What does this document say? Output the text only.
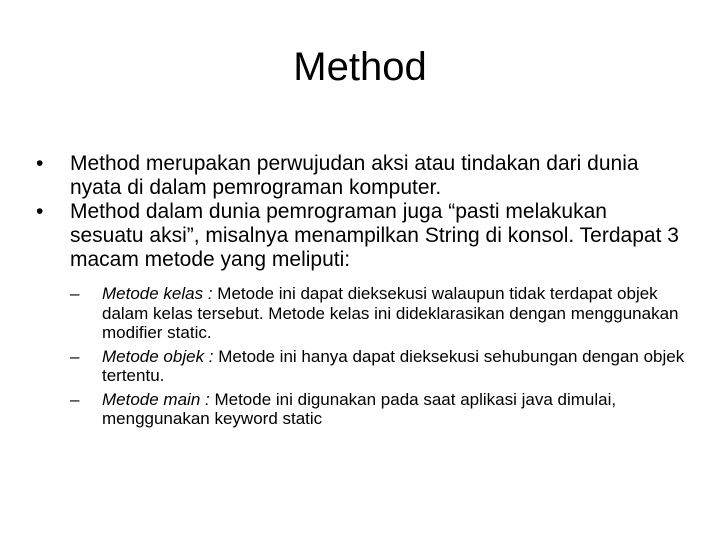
Method
•	Method merupakan perwujudan aksi atau tindakan dari dunia nyata di dalam pemrograman komputer.
•	Method dalam dunia pemrograman juga “pasti melakukan sesuatu aksi”, misalnya menampilkan String di konsol. Terdapat 3 macam metode yang meliputi:
– Metode kelas : Metode ini dapat dieksekusi walaupun tidak terdapat objek dalam kelas tersebut. Metode kelas ini dideklarasikan dengan menggunakan modifier static.
– Metode objek : Metode ini hanya dapat dieksekusi sehubungan dengan objek tertentu.
– Metode main : Metode ini digunakan pada saat aplikasi java dimulai, menggunakan keyword static
